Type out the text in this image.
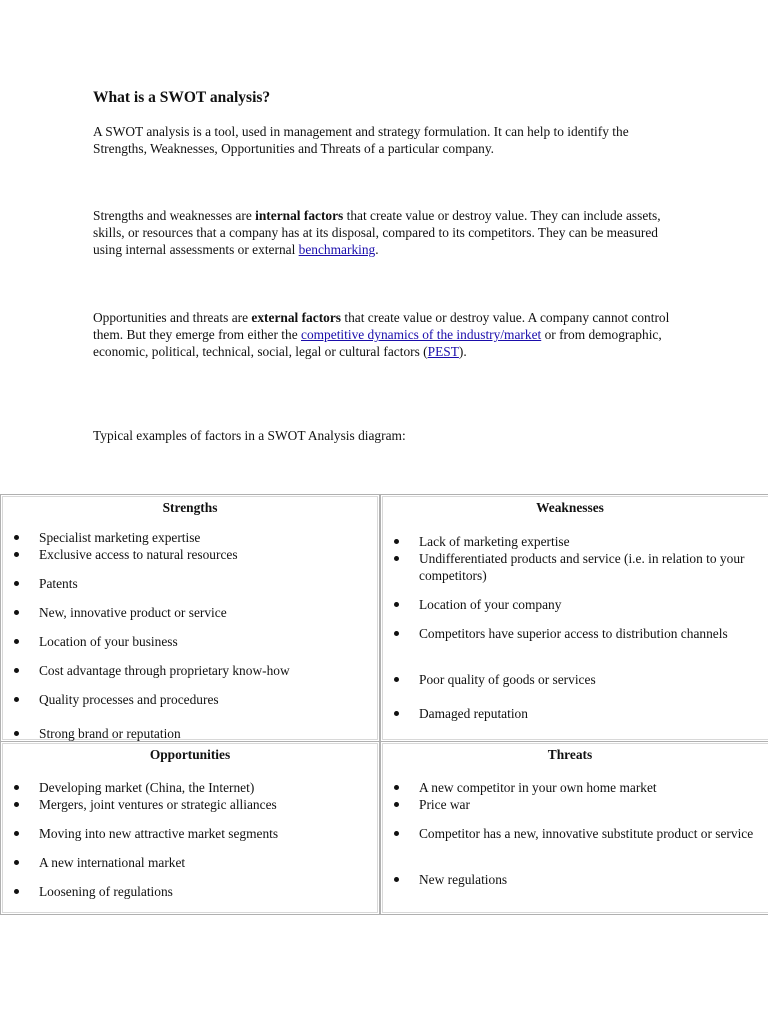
What is a SWOT analysis?
A SWOT analysis is a tool, used in management and strategy formulation. It can help to identify the Strengths, Weaknesses, Opportunities and Threats of a particular company.
Strengths and weaknesses are internal factors that create value or destroy value. They can include assets, skills, or resources that a company has at its disposal, compared to its competitors. They can be measured using internal assessments or external benchmarking.
Opportunities and threats are external factors that create value or destroy value. A company cannot control them. But they emerge from either the competitive dynamics of the industry/market or from demographic, economic, political, technical, social, legal or cultural factors (PEST).
Typical examples of factors in a SWOT Analysis diagram:
Strengths
Specialist marketing expertise
Exclusive access to natural resources
Patents
New, innovative product or service
Location of your business
Cost advantage through proprietary know-how
Quality processes and procedures
Strong brand or reputation
Weaknesses
Lack of marketing expertise
Undifferentiated products and service (i.e. in relation to your competitors)
Location of your company
Competitors have superior access to distribution channels
Poor quality of goods or services
Damaged reputation
Opportunities
Developing market (China, the Internet)
Mergers, joint ventures or strategic alliances
Moving into new attractive market segments
A new international market
Loosening of regulations
Threats
A new competitor in your own home market
Price war
Competitor has a new, innovative substitute product or service
New regulations
